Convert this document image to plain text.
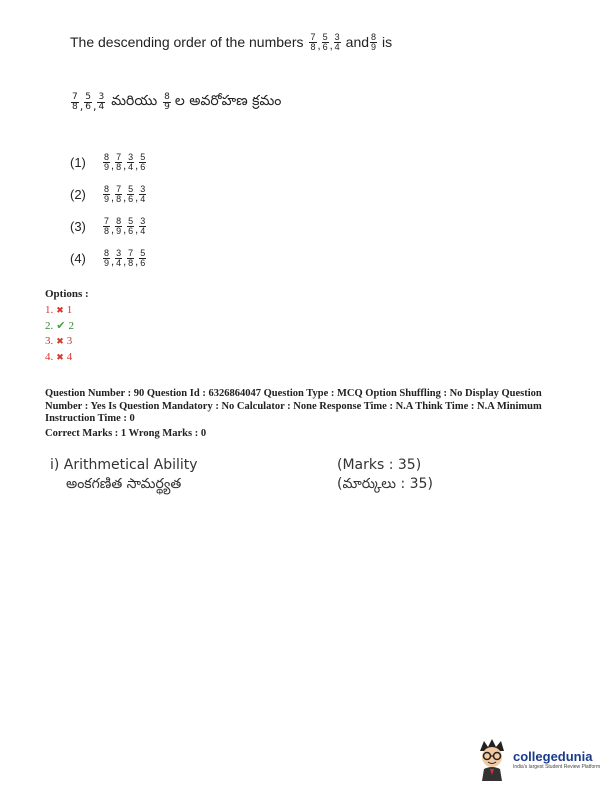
The descending order of the numbers $\frac{7}{8}$ , $\frac{5}{6}$ , $\frac{3}{4}$ and $\frac{8}{9}$ is
$\frac{7}{8}$ , $\frac{5}{6}$ , $\frac{3}{4}$ మరియు $\frac{8}{9}$ ల అవరోహణ క్రమం
(1)	$\frac{8}{9}$ , $\frac{7}{8}$ , $\frac{3}{4}$ , $\frac{5}{6}$
(2)	$\frac{8}{9}$ , $\frac{7}{8}$ , $\frac{5}{6}$ , $\frac{3}{4}$
(3)	$\frac{7}{8}$ , $\frac{8}{9}$ , $\frac{5}{6}$ , $\frac{3}{4}$
(4)	$\frac{8}{9}$ , $\frac{3}{4}$ , $\frac{7}{8}$ , $\frac{5}{6}$
Options :
1. ✖ 1
2. ✔ 2
3. ✖ 3
4. ✖ 4
Question Number : 90 Question Id : 6326864047 Question Type : MCQ Option Shuffling : No Display Question Number : Yes Is Question Mandatory : No Calculator : None Response Time : N.A Think Time : N.A Minimum Instruction Time : 0
Correct Marks : 1 Wrong Marks : 0
i) Arithmetical Ability	(Marks : 35)
అంకగణిత సామర్థ్యత	(మార్కులు : 35)
collegedunia
India's largest Student Review Platform
